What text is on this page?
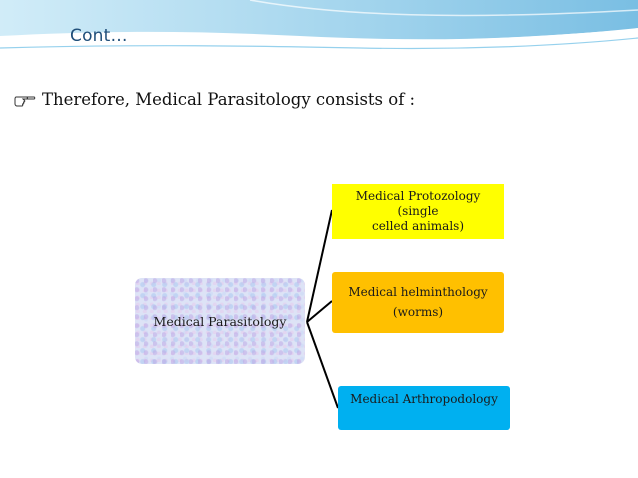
Cont…
Therefore, Medical Parasitology consists of :
Medical Parasitology
Medical Protozology (single
celled animals)
Medical helminthology
(worms)
Medical Arthropodology
